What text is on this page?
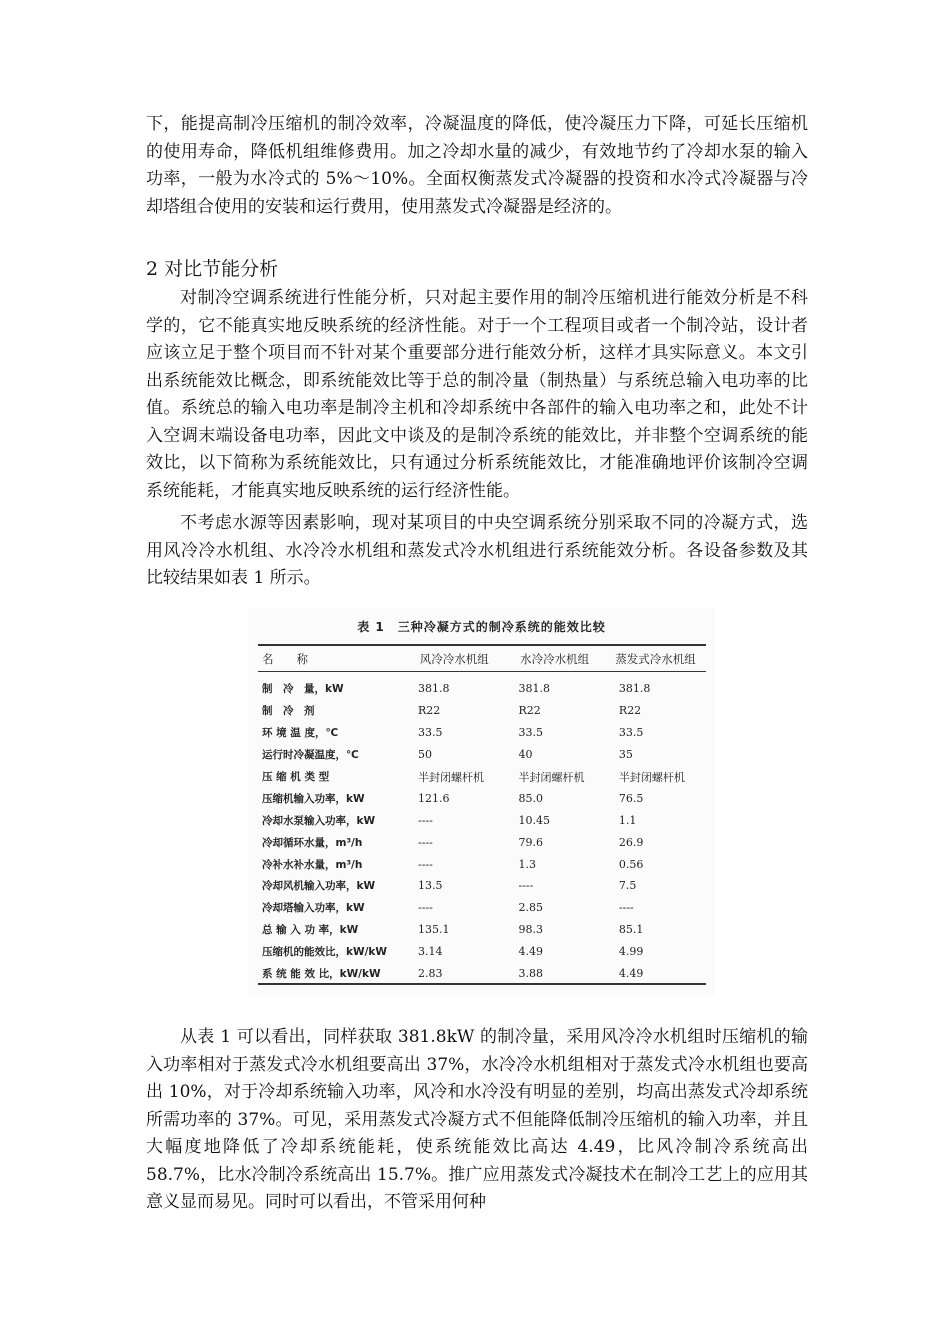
下，能提高制冷压缩机的制冷效率，冷凝温度的降低，使冷凝压力下降，可延长压缩机的使用寿命，降低机组维修费用。加之冷却水量的减少，有效地节约了冷却水泵的输入功率，一般为水冷式的 5%～10%。全面权衡蒸发式冷凝器的投资和水冷式冷凝器与冷却塔组合使用的安装和运行费用，使用蒸发式冷凝器是经济的。

2 对比节能分析

对制冷空调系统进行性能分析，只对起主要作用的制冷压缩机进行能效分析是不科学的，它不能真实地反映系统的经济性能。对于一个工程项目或者一个制冷站，设计者应该立足于整个项目而不针对某个重要部分进行能效分析，这样才具实际意义。本文引出系统能效比概念，即系统能效比等于总的制冷量（制热量）与系统总输入电功率的比值。系统总的输入电功率是制冷主机和冷却系统中各部件的输入电功率之和，此处不计入空调末端设备电功率，因此文中谈及的是制冷系统的能效比，并非整个空调系统的能效比，以下简称为系统能效比，只有通过分析系统能效比，才能准确地评价该制冷空调系统能耗，才能真实地反映系统的运行经济性能。

不考虑水源等因素影响，现对某项目的中央空调系统分别采取不同的冷凝方式，选用风冷冷水机组、水冷冷水机组和蒸发式冷水机组进行系统能效分析。各设备参数及其比较结果如表 1 所示。

表 1　三种冷凝方式的制冷系统的能效比较
名　　称	风冷冷水机组	水冷冷水机组	蒸发式冷水机组
制　冷　量，kW	381.8	381.8	381.8
制　冷　剂	R22	R22	R22
环 境 温 度，℃	33.5	33.5	33.5
运行时冷凝温度，℃	50	40	35
压 缩 机 类 型	半封闭螺杆机	半封闭螺杆机	半封闭螺杆机
压缩机输入功率，kW	121.6	85.0	76.5
冷却水泵输入功率，kW	----	10.45	1.1
冷却循环水量，m³/h	----	79.6	26.9
冷补水补水量，m³/h	----	1.3	0.56
冷却风机输入功率，kW	13.5	----	7.5
冷却塔输入功率，kW	----	2.85	----
总 输 入 功 率，kW	135.1	98.3	85.1
压缩机的能效比，kW/kW	3.14	4.49	4.99
系 统 能 效 比，kW/kW	2.83	3.88	4.49

从表 1 可以看出，同样获取 381.8kW 的制冷量，采用风冷冷水机组时压缩机的输入功率相对于蒸发式冷水机组要高出 37%，水冷冷水机组相对于蒸发式冷水机组也要高出 10%，对于冷却系统输入功率，风冷和水冷没有明显的差别，均高出蒸发式冷却系统所需功率的 37%。可见，采用蒸发式冷凝方式不但能降低制冷压缩机的输入功率，并且大幅度地降低了冷却系统能耗，使系统能效比高达 4.49，比风冷制冷系统高出 58.7%，比水冷制冷系统高出 15.7%。推广应用蒸发式冷凝技术在制冷工艺上的应用其意义显而易见。同时可以看出，不管采用何种
